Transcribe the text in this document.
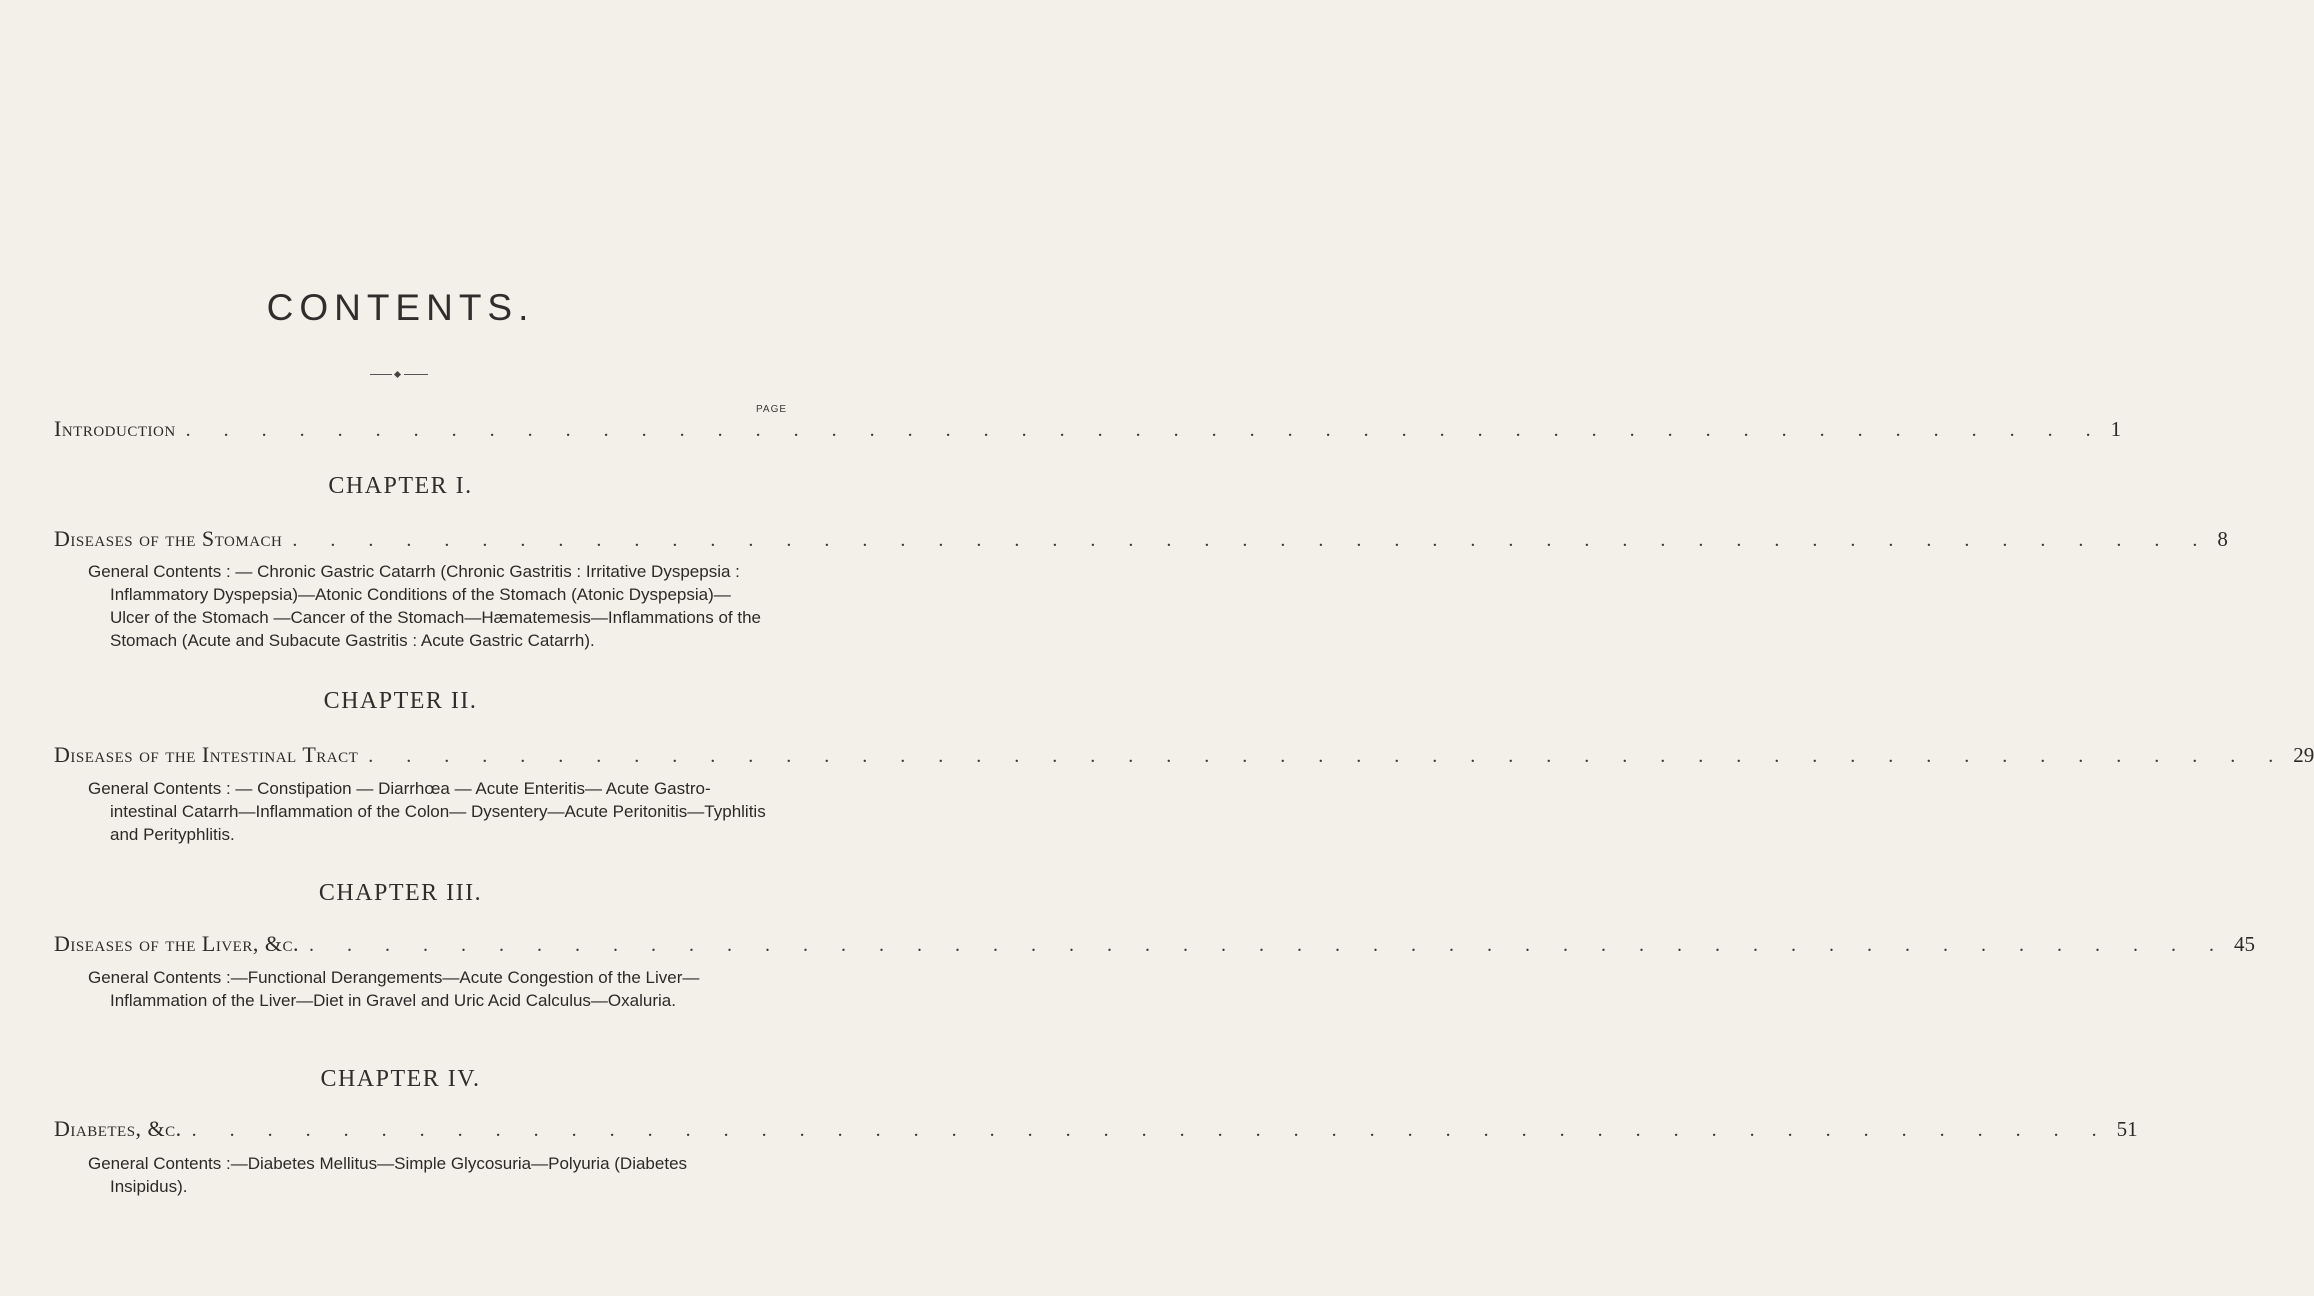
CONTENTS.
PAGE
Introduction . . . . . . . . . . . . . . . . . . . . . . . . . . . . . . . . . . . . . . . . . . . . . . . . . . . 1
CHAPTER I.
Diseases of the Stomach . . . . . . . . . . . . . . . . . . . . . . . . . . . . . . . . . . . . . . . . . . . . . . . . . . . 8

General Contents : — Chronic Gastric Catarrh (Chronic Gastritis : Irritative Dyspepsia : Inflammatory Dyspepsia)—Atonic Conditions of the Stomach (Atonic Dyspepsia)—Ulcer of the Stomach —Cancer of the Stomach—Hæmatemesis—Inflammations of the Stomach (Acute and Subacute Gastritis : Acute Gastric Catarrh).

CHAPTER II.
Diseases of the Intestinal Tract . . . . . . . . . . . . . . . . . . . . . . . . . . . . . . . . . . . . . . . . . . . . . . . . . . . 29

General Contents : — Constipation — Diarrhœa — Acute Enteritis— Acute Gastro-intestinal Catarrh—Inflammation of the Colon— Dysentery—Acute Peritonitis—Typhlitis and Perityphlitis.

CHAPTER III.
Diseases of the Liver, &c. . . . . . . . . . . . . . . . . . . . . . . . . . . . . . . . . . . . . . . . . . . . . . . . . . . . 45

General Contents :—Functional Derangements—Acute Congestion of the Liver—Inflammation of the Liver—Diet in Gravel and Uric Acid Calculus—Oxaluria.

CHAPTER IV.
Diabetes, &c. . . . . . . . . . . . . . . . . . . . . . . . . . . . . . . . . . . . . . . . . . . . . . . . . . . . 51

General Contents :—Diabetes Mellitus—Simple Glycosuria—Polyuria (Diabetes Insipidus).
